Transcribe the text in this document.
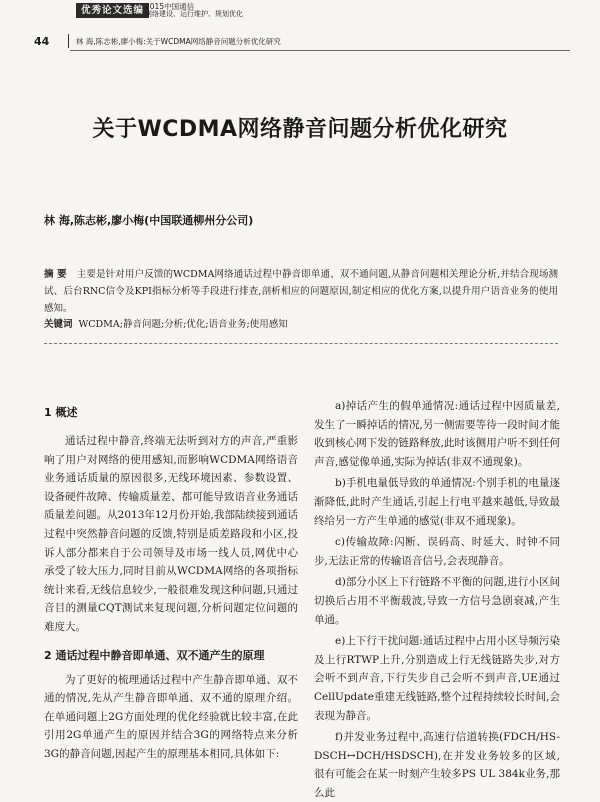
优秀论文选编 2015中国通信
网络建设、运行维护、规划优化
44	林 海,陈志彬,廖小梅:关于WCDMA网络静音问题分析优化研究
关于WCDMA网络静音问题分析优化研究
林 海,陈志彬,廖小梅(中国联通柳州分公司)
摘 要 主要是针对用户反馈的WCDMA网络通话过程中静音即单通、双不通问题,从静音问题相关理论分析,并结合现场测试、后台RNC信令及KPI指标分析等手段进行排查,剖析相应的问题原因,制定相应的优化方案,以提升用户语音业务的使用感知。
关键词 WCDMA;静音问题;分析;优化;语音业务;使用感知
1 概述

通话过程中静音,终端无法听到对方的声音,严重影响了用户对网络的使用感知,而影响WCDMA网络语音业务通话质量的原因很多,无线环境因素、参数设置、设备硬件故障、传输质量差、都可能导致语音业务通话质量差问题。从2013年12月份开始,我部陆续接到通话过程中突然静音问题的反馈,特别是质差路段和小区,投诉人部分都来自于公司领导及市场一线人员,网优中心承受了较大压力,同时目前从WCDMA网络的各项指标统计来看,无线信息较少,一般很难发现这种问题,只通过音目的测量CQT测试来复现问题,分析问题定位问题的难度大。

2 通话过程中静音即单通、双不通产生的原理

为了更好的梳理通话过程中产生静音即单通、双不通的情况,先从产生静音即单通、双不通的原理介绍。在单通问题上2G方面处理的优化经验就比较丰富,在此引用2G单通产生的原因并结合3G的网络特点来分析3G的静音问题,因起产生的原理基本相同,具体如下:

a)掉话产生的假单通情况:通话过程中因质量差,发生了一瞬掉话的情况,另一侧需要等待一段时间才能收到核心网下发的链路释放,此时该侧用户听不到任何声音,感觉像单通,实际为掉话(非双不通现象)。

b)手机电量低导致的单通情况:个别手机的电量逐渐降低,此时产生通话,引起上行电平越来越低,导致最终给另一方产生单通的感觉(非双不通现象)。

c)传输故障:闪断、误码高、时延大、时钟不同步,无法正常的传输语音信号,会表现静音。

d)部分小区上下行链路不平衡的问题,进行小区间切换后占用不平衡载波,导致一方信号急剧衰减,产生单通。

e)上下行干扰问题:通话过程中占用小区导频污染及上行RTWP上升,分别造成上行无线链路失步,对方会听不到声音,下行失步自己会听不到声音,UE通过CellUpdate重建无线链路,整个过程持续较长时间,会表现为静音。

f)并发业务过程中,高速行信道转换(FDCH/HS-DSCH↔DCH/HSDSCH),在并发业务较多的区域,很有可能会在某一时刻产生较多PS UL 384k业务,那么此
